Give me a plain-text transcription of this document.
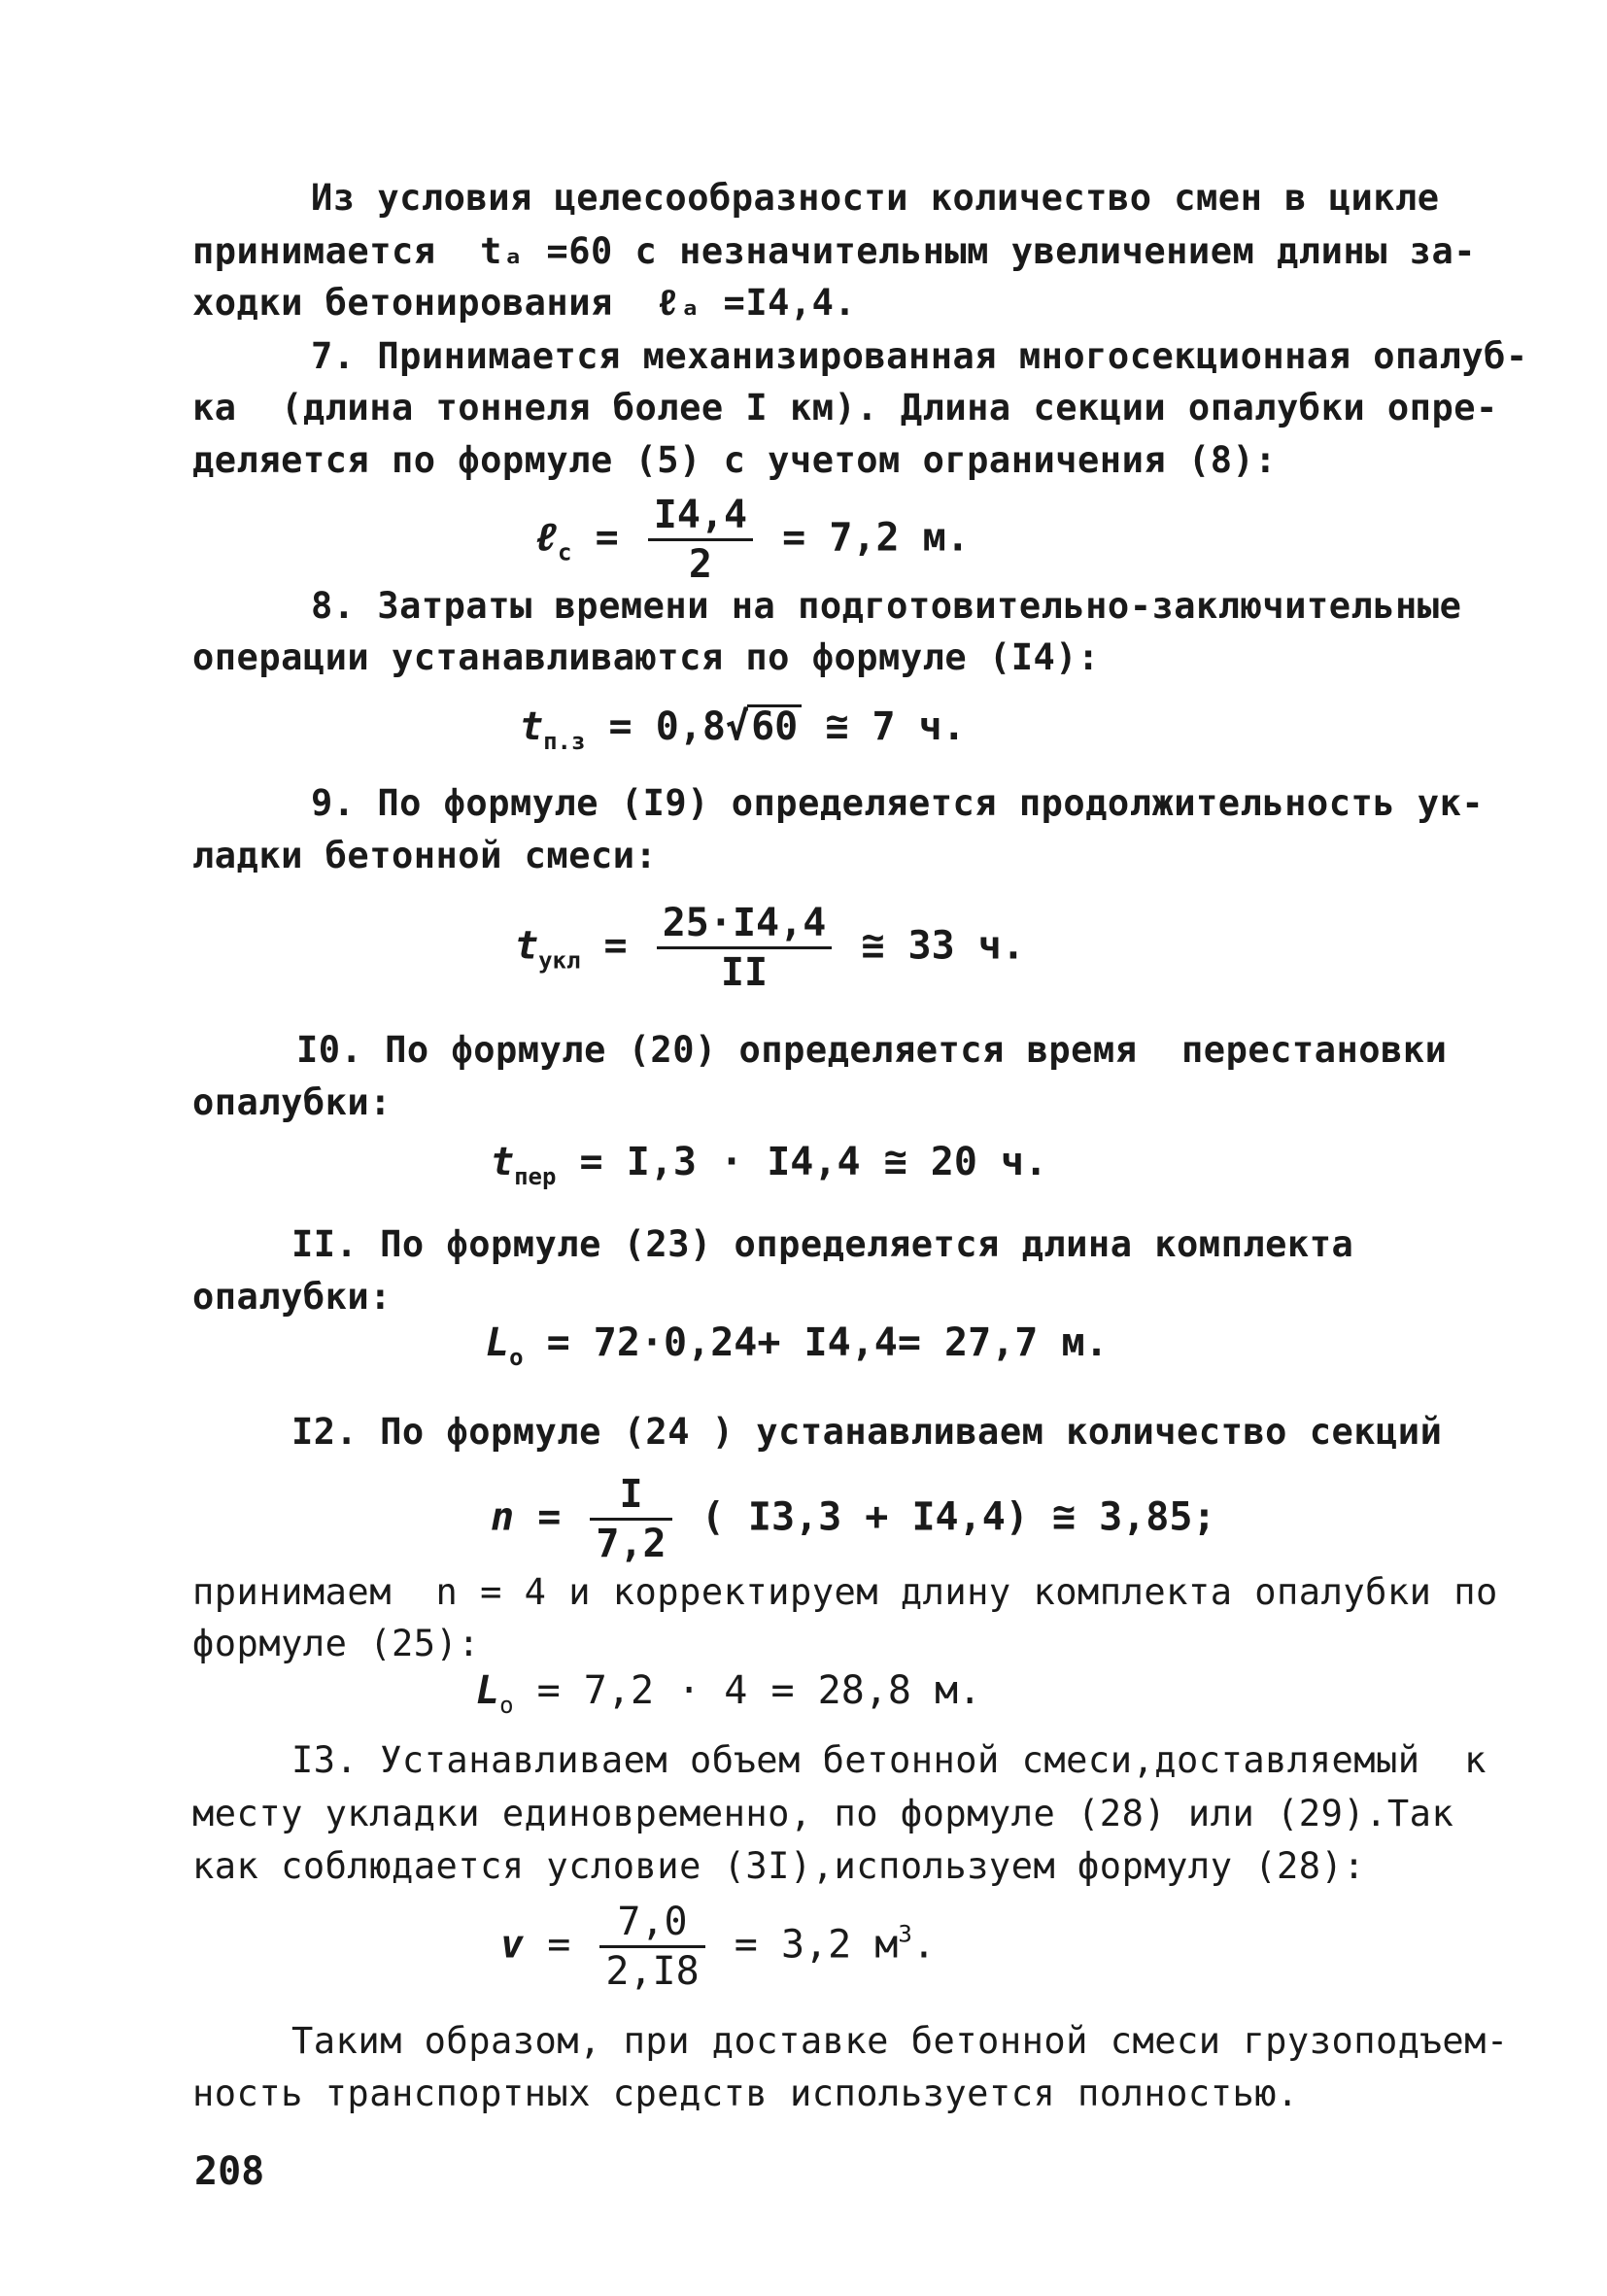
Из условия целесообразности количество смен в цикле
принимается  tₐ =60 с незначительным увеличением длины за-
ходки бетонирования  ℓₐ =I4,4.
7. Принимается механизированная многосекционная опалуб-
ка  (длина тоннеля более I км). Длина секции опалубки опре-
деляется по формуле (5) с учетом ограничения (8):
ℓ$_с$ = $\frac{I4,4}{2} = 7,2$ м.
8. Затраты времени на подготовительно-заключительные
операции устанавливаются по формуле (I4):
$t_{п.з} = 0,8√60$ ≅ 7 ч.
9. По формуле (I9) определяется продолжительность ук-
ладки бетонной смеси:
$t_{укл} = \frac{25\cdot I4,4}{II}$ ≅ 33 ч.
I0. По формуле (20) определяется время  перестановки
опалубки:
$t_{пер} = I,3 \cdot I4,4$ ≅ 20 ч.
II. По формуле (23) определяется длина комплекта
опалубки:
$L_о = 72\cdot 0,24+ I4,4= 27,7$ м.
I2. По формуле (24 ) устанавливаем количество секций
$n = \frac{I}{7,2}$ ( I3,3 + I4,4) ≅ 3,85;
принимаем  n = 4 и корректируем длину комплекта опалубки по
формуле (25):
$L_о = 7,2 \cdot 4 = 28,8$ м.
I3. Устанавливаем объем бетонной смеси,доставляемый  к
месту укладки единовременно, по формуле (28) или (29).Так
как соблюдается условие (3I),используем формулу (28):
$v = \frac{7,0}{2,I8} = 3,2$ $м^3$.
Таким образом, при доставке бетонной смеси грузоподъем-
ность транспортных средств используется полностью.
208
